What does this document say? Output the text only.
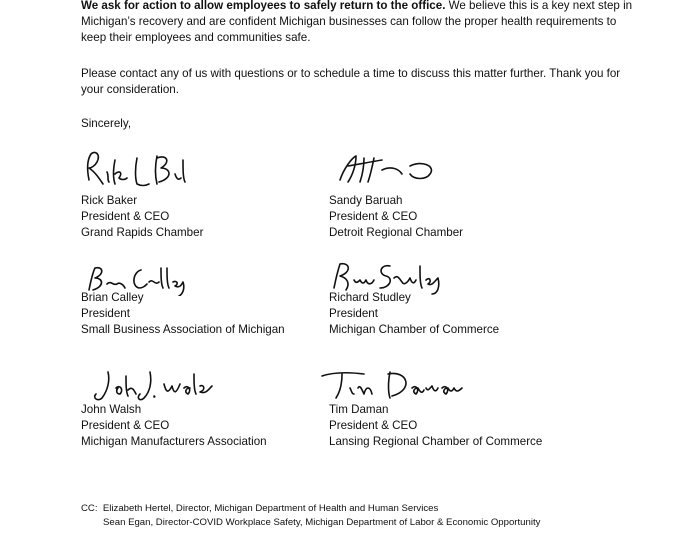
We ask for action to allow employees to safely return to the office. We believe this is a key next step in Michigan’s recovery and are confident Michigan businesses can follow the proper health requirements to keep their employees and communities safe.

Please contact any of us with questions or to schedule a time to discuss this matter further. Thank you for your consideration.

Sincerely,

Rick Baker
President & CEO
Grand Rapids Chamber
Sandy Baruah
President & CEO
Detroit Regional Chamber
Brian Calley
President
Small Business Association of Michigan
Richard Studley
President
Michigan Chamber of Commerce
John Walsh
President & CEO
Michigan Manufacturers Association
Tim Daman
President & CEO
Lansing Regional Chamber of Commerce
CC: Elizabeth Hertel, Director, Michigan Department of Health and Human Services
Sean Egan, Director-COVID Workplace Safety, Michigan Department of Labor & Economic Opportunity
